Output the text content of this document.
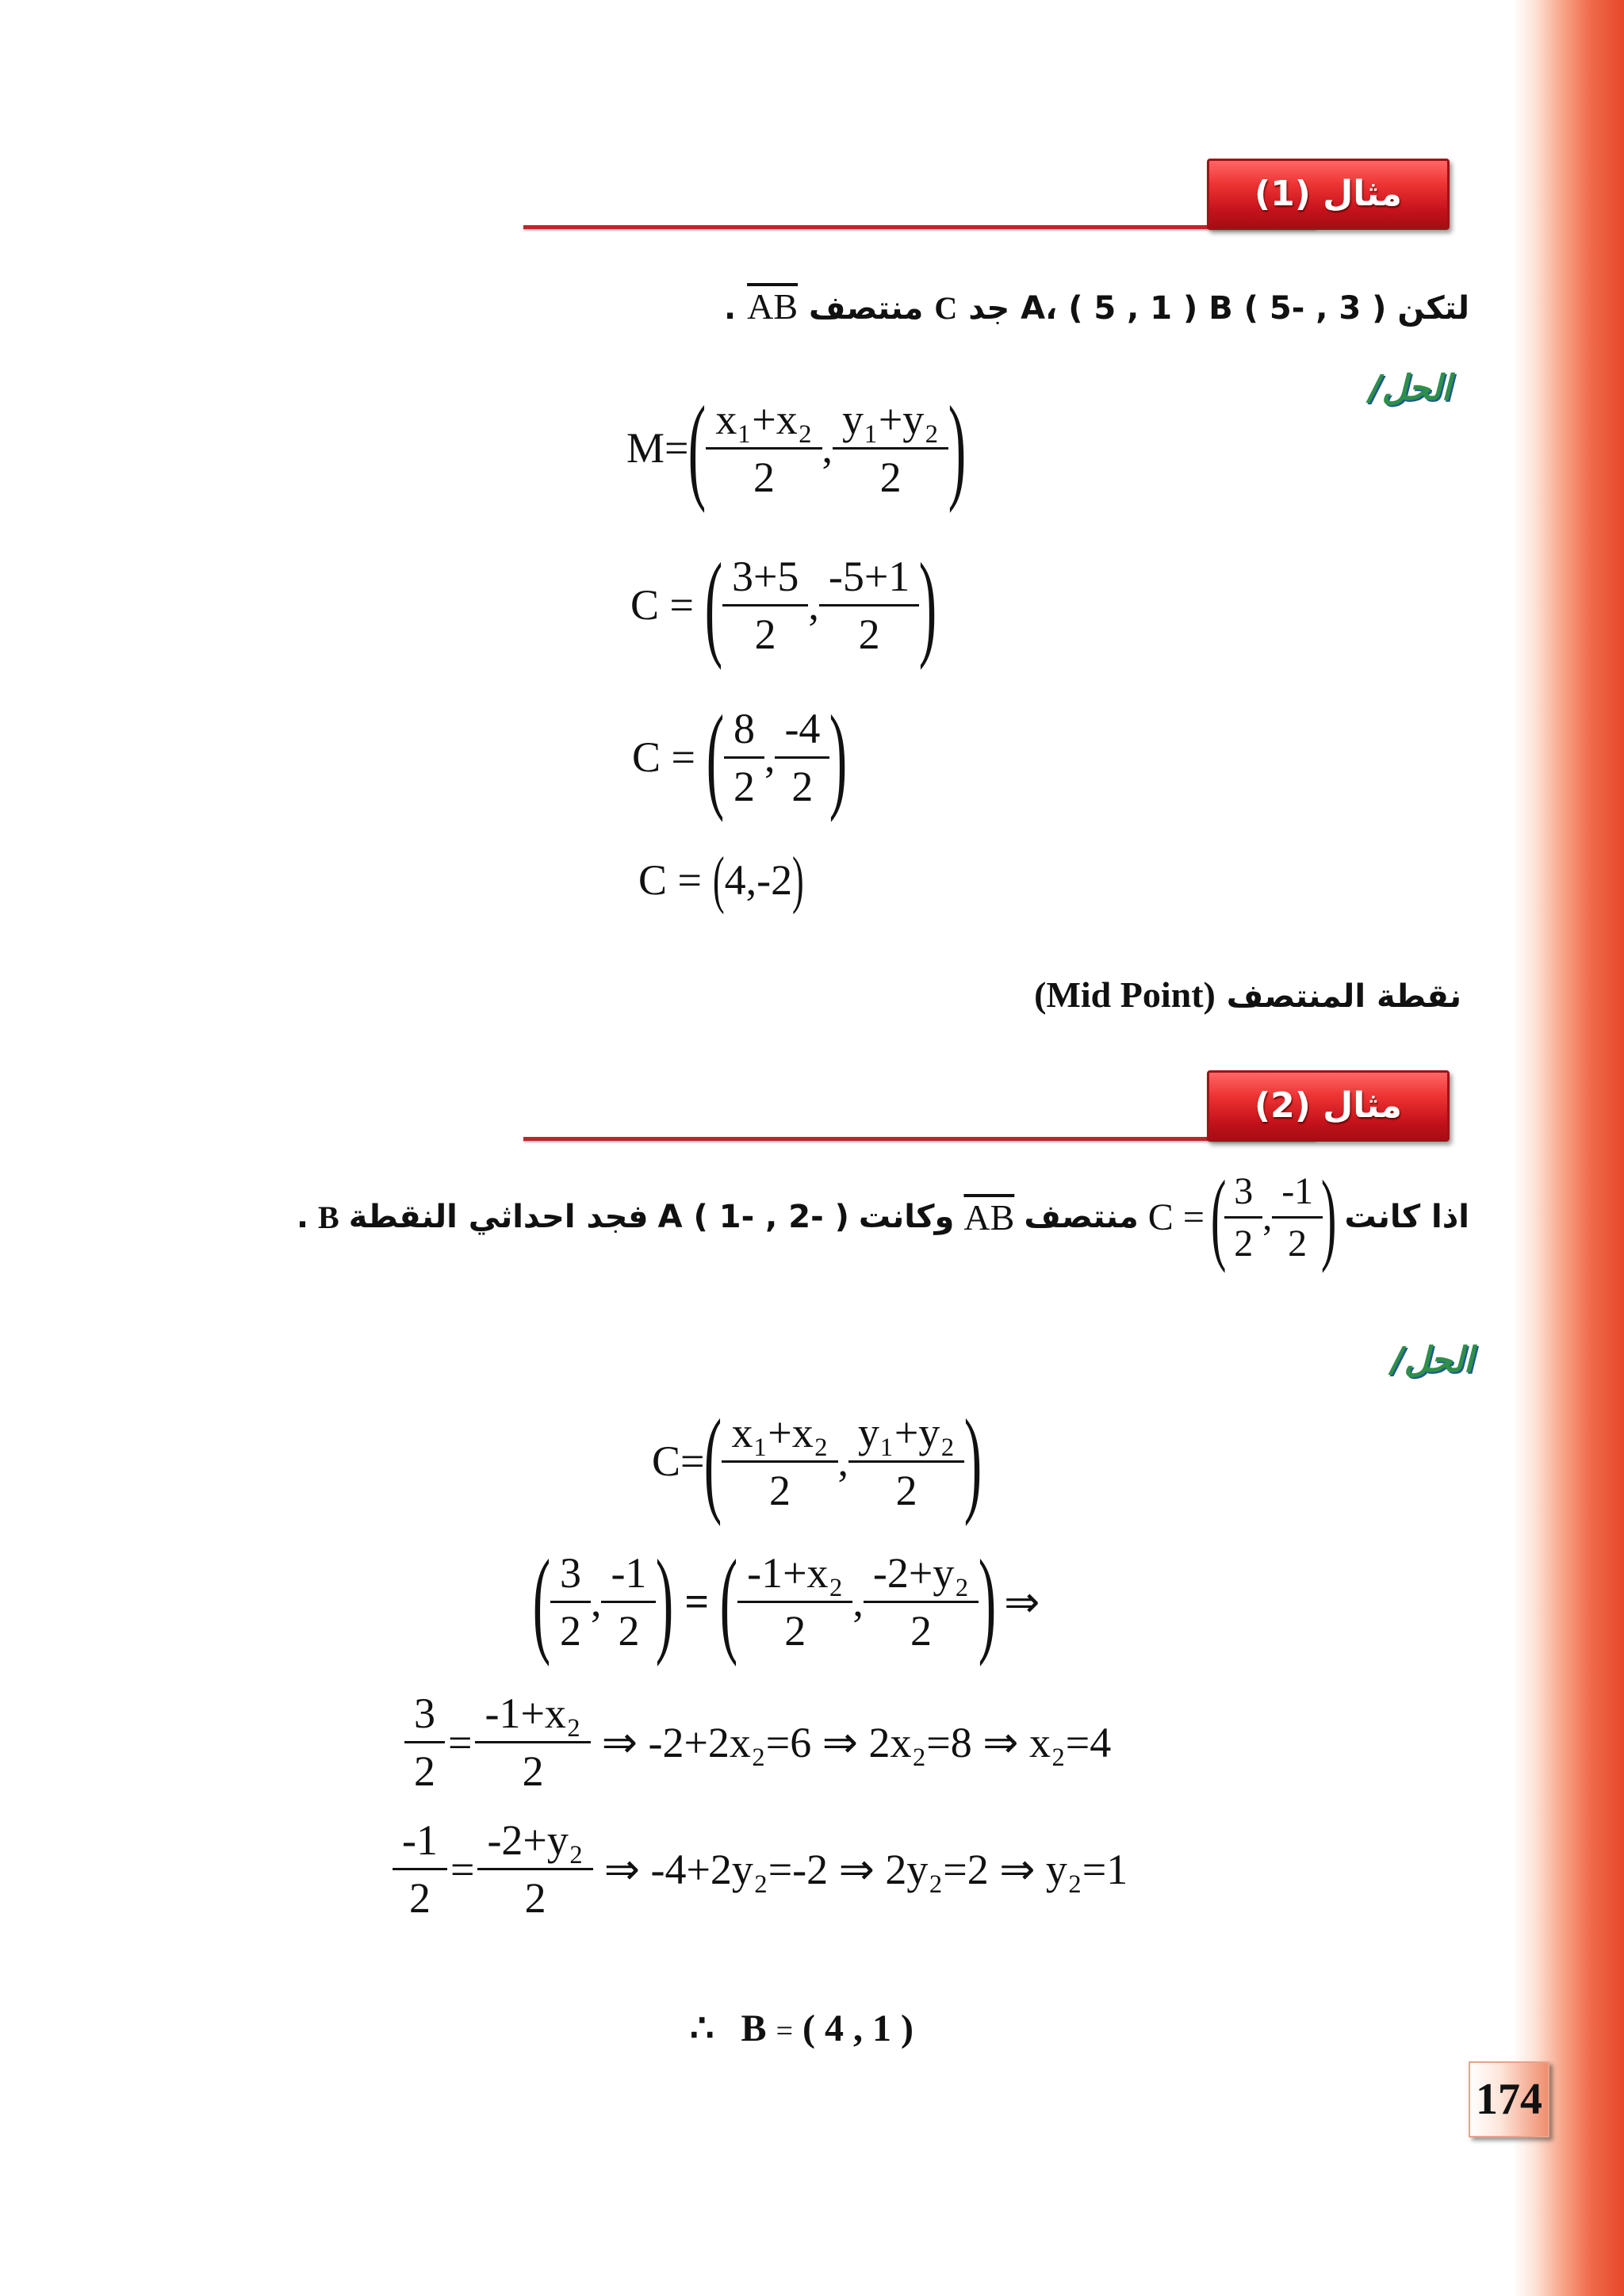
مثال (1)
لتكن ( 3 , -5 ) A، ( 5 , 1 ) B جد C منتصف AB .
الحل/
M= ( $\frac{\text{x₁+x₂}}{2}$ , $\frac{\text{y₁+y₂}}{2}$ )
C = ( $\frac{3+5}{2}$ , $\frac{-5+1}{2}$ )
C = ( $\frac{8}{2}$ , $\frac{-4}{2}$ )
C = ( 4,-2 )
نقطة المنتصف (Mid Point)
مثال (2)
اذا كانت
C = ( $\frac{3}{2}$ , $\frac{-1}{2}$ )
منتصف
AB
وكانت
( -2 , -1 ) A
فجد احداثي النقطة
B
.
الحل/
C= ( $\frac{\text{x₁+x₂}}{2}$ , $\frac{\text{y₁+y₂}}{2}$ )
( $\frac{3}{2}$ , $\frac{-1}{2}$ ) = ( $\frac{\text{-1+x₂}}{2}$ , $\frac{\text{-2+y₂}}{2}$ ) ⇒
$\frac{3}{2} = \frac{\text{-1+x₂}}{2}$ ⇒ -2+2x₂=6 ⇒ 2x₂=8 ⇒ x₂=4
$\frac{-1}{2} = \frac{\text{-2+y₂}}{2}$ ⇒ -4+2y₂=-2 ⇒ 2y₂=2 ⇒ y₂=1
∴ B = ( 4 , 1 )
174
